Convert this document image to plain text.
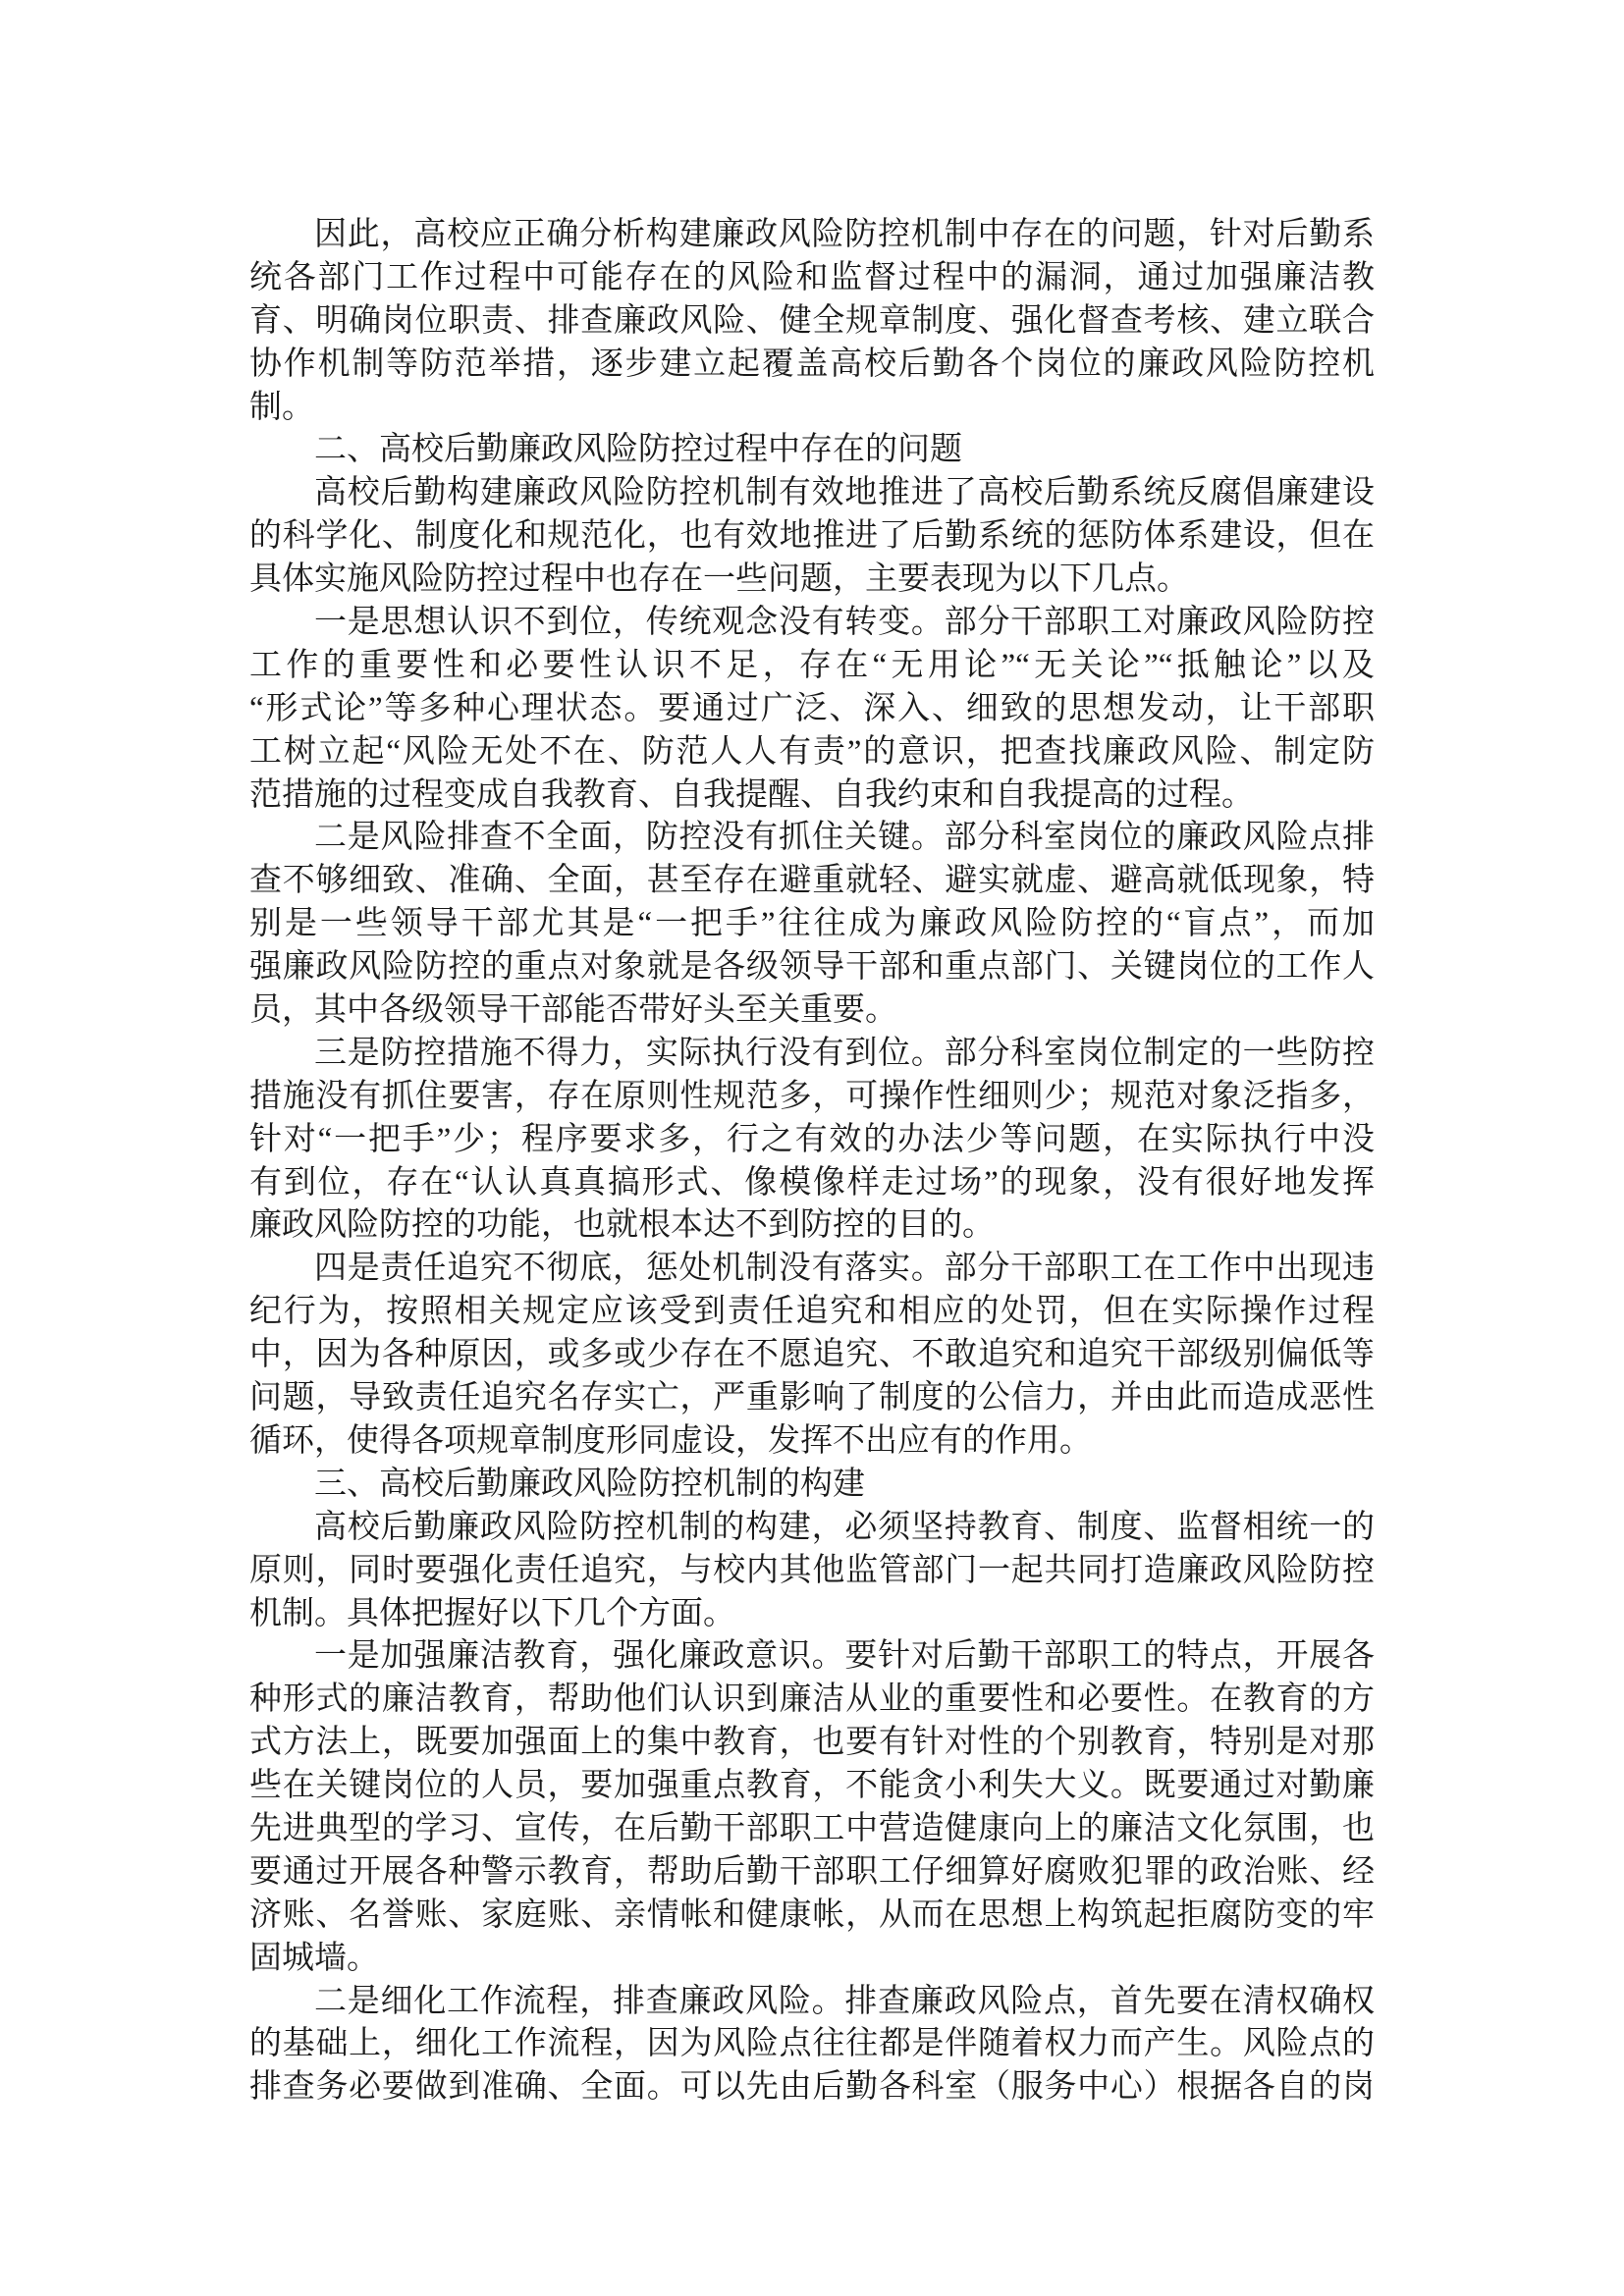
因此，高校应正确分析构建廉政风险防控机制中存在的问题，针对后勤系
统各部门工作过程中可能存在的风险和监督过程中的漏洞，通过加强廉洁教
育、明确岗位职责、排查廉政风险、健全规章制度、强化督查考核、建立联合
协作机制等防范举措，逐步建立起覆盖高校后勤各个岗位的廉政风险防控机
制。
二、高校后勤廉政风险防控过程中存在的问题
高校后勤构建廉政风险防控机制有效地推进了高校后勤系统反腐倡廉建设
的科学化、制度化和规范化，也有效地推进了后勤系统的惩防体系建设，但在
具体实施风险防控过程中也存在一些问题，主要表现为以下几点。
一是思想认识不到位，传统观念没有转变。部分干部职工对廉政风险防控
工作的重要性和必要性认识不足，存在“无用论”“无关论”“抵触论”以及
“形式论”等多种心理状态。要通过广泛、深入、细致的思想发动，让干部职
工树立起“风险无处不在、防范人人有责”的意识，把查找廉政风险、制定防
范措施的过程变成自我教育、自我提醒、自我约束和自我提高的过程。
二是风险排查不全面，防控没有抓住关键。部分科室岗位的廉政风险点排
查不够细致、准确、全面，甚至存在避重就轻、避实就虚、避高就低现象，特
别是一些领导干部尤其是“一把手”往往成为廉政风险防控的“盲点”，而加
强廉政风险防控的重点对象就是各级领导干部和重点部门、关键岗位的工作人
员，其中各级领导干部能否带好头至关重要。
三是防控措施不得力，实际执行没有到位。部分科室岗位制定的一些防控
措施没有抓住要害，存在原则性规范多，可操作性细则少；规范对象泛指多，
针对“一把手”少；程序要求多，行之有效的办法少等问题，在实际执行中没
有到位，存在“认认真真搞形式、像模像样走过场”的现象，没有很好地发挥
廉政风险防控的功能，也就根本达不到防控的目的。
四是责任追究不彻底，惩处机制没有落实。部分干部职工在工作中出现违
纪行为，按照相关规定应该受到责任追究和相应的处罚，但在实际操作过程
中，因为各种原因，或多或少存在不愿追究、不敢追究和追究干部级别偏低等
问题，导致责任追究名存实亡，严重影响了制度的公信力，并由此而造成恶性
循环，使得各项规章制度形同虚设，发挥不出应有的作用。
三、高校后勤廉政风险防控机制的构建
高校后勤廉政风险防控机制的构建，必须坚持教育、制度、监督相统一的
原则，同时要强化责任追究，与校内其他监管部门一起共同打造廉政风险防控
机制。具体把握好以下几个方面。
一是加强廉洁教育，强化廉政意识。要针对后勤干部职工的特点，开展各
种形式的廉洁教育，帮助他们认识到廉洁从业的重要性和必要性。在教育的方
式方法上，既要加强面上的集中教育，也要有针对性的个别教育，特别是对那
些在关键岗位的人员，要加强重点教育，不能贪小利失大义。既要通过对勤廉
先进典型的学习、宣传，在后勤干部职工中营造健康向上的廉洁文化氛围，也
要通过开展各种警示教育，帮助后勤干部职工仔细算好腐败犯罪的政治账、经
济账、名誉账、家庭账、亲情帐和健康帐，从而在思想上构筑起拒腐防变的牢
固城墙。
二是细化工作流程，排查廉政风险。排查廉政风险点，首先要在清权确权
的基础上，细化工作流程，因为风险点往往都是伴随着权力而产生。风险点的
排查务必要做到准确、全面。可以先由后勤各科室（服务中心）根据各自的岗
